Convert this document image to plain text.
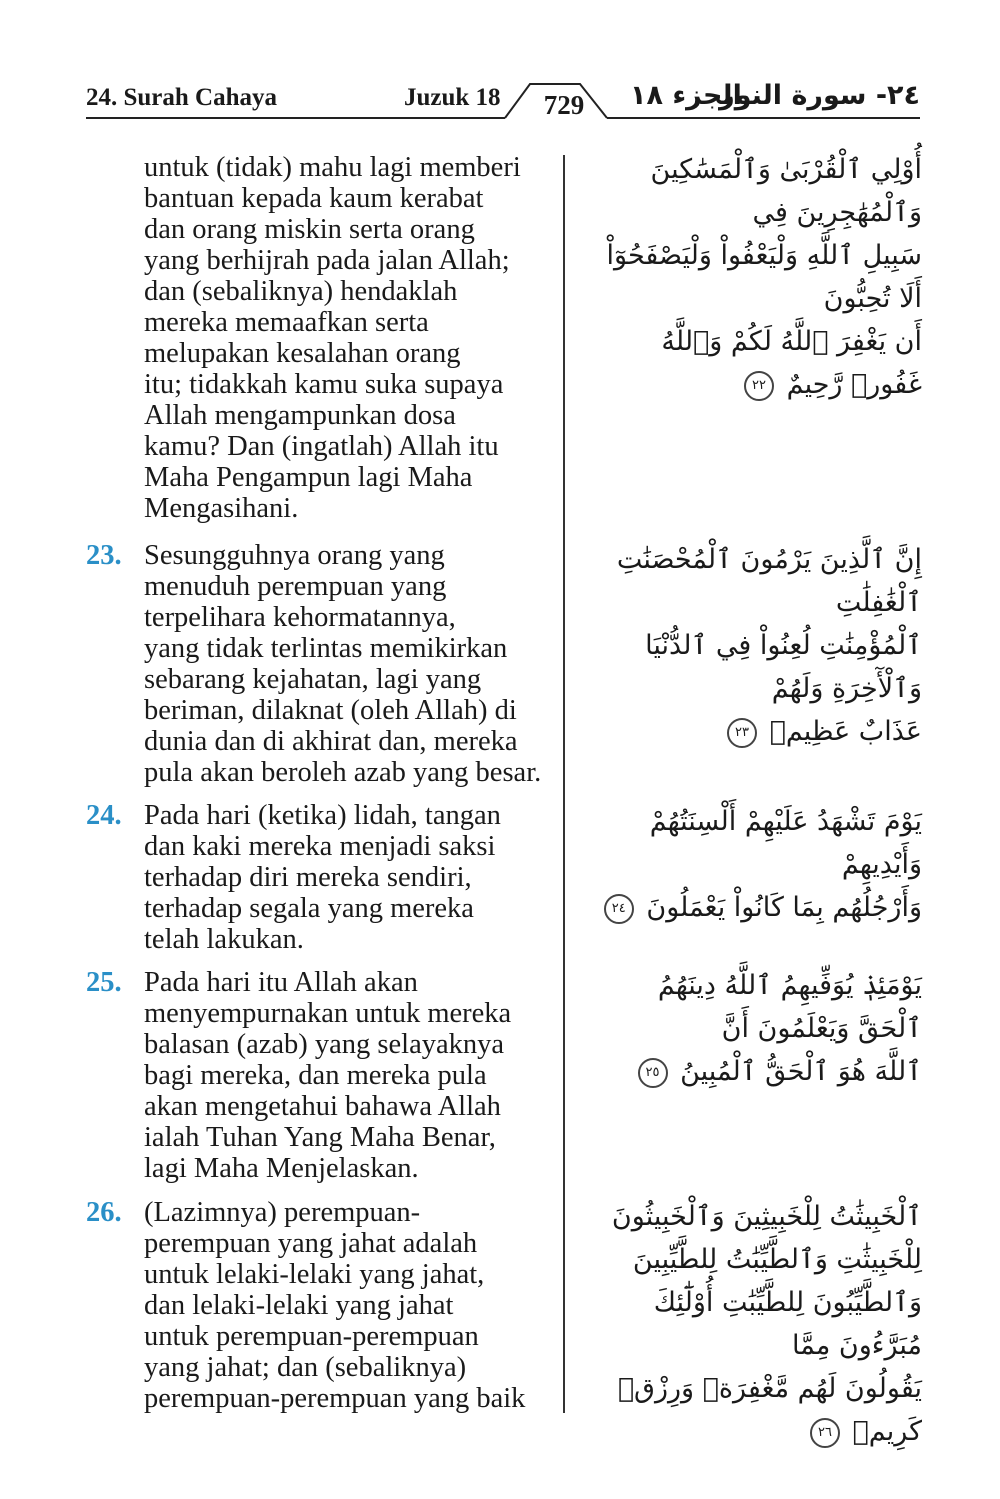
24. Surah Cahaya	Juzuk 18	729	الجزء ١٨
٢٤- سورة النور
untuk (tidak) mahu lagi memberi
bantuan kepada kaum kerabat
dan orang miskin serta orang
yang berhijrah pada jalan Allah;
dan (sebaliknya) hendaklah
mereka memaafkan serta
melupakan kesalahan orang
itu; tidakkah kamu suka supaya
Allah mengampunkan dosa
kamu? Dan (ingatlah) Allah itu
Maha Pengampun lagi Maha
Mengasihani.
23. Sesungguhnya orang yang
menuduh perempuan yang
terpelihara kehormatannya,
yang tidak terlintas memikirkan
sebarang kejahatan, lagi yang
beriman, dilaknat (oleh Allah) di
dunia dan di akhirat dan, mereka
pula akan beroleh azab yang besar.
24. Pada hari (ketika) lidah, tangan
dan kaki mereka menjadi saksi
terhadap diri mereka sendiri,
terhadap segala yang mereka
telah lakukan.
25. Pada hari itu Allah akan
menyempurnakan untuk mereka
balasan (azab) yang selayaknya
bagi mereka, dan mereka pula
akan mengetahui bahawa Allah
ialah Tuhan Yang Maha Benar,
lagi Maha Menjelaskan.
26. (Lazimnya) perempuan-
perempuan yang jahat adalah
untuk lelaki-lelaki yang jahat,
dan lelaki-lelaki yang jahat
untuk perempuan-perempuan
yang jahat; dan (sebaliknya)
perempuan-perempuan yang baik
أُوْلِي ٱلْقُرْبَىٰ وَٱلْمَسَٰكِينَ وَٱلْمُهَٰجِرِينَ فِي
سَبِيلِ ٱللَّهِ وَلْيَعْفُواْ وَلْيَصْفَحُوٓاْ أَلَا تُحِبُّونَ
أَن يَغْفِرَ ٱللَّهُ لَكُمْ وَٱللَّهُ غَفُورٞ رَّحِيمٌ ٢٢
إِنَّ ٱلَّذِينَ يَرْمُونَ ٱلْمُحْصَنَٰتِ ٱلْغَٰفِلَٰتِ
ٱلْمُؤْمِنَٰتِ لُعِنُواْ فِي ٱلدُّنْيَا وَٱلْأٓخِرَةِ وَلَهُمْ
عَذَابٌ عَظِيمٞ ٢٣
يَوْمَ تَشْهَدُ عَلَيْهِمْ أَلْسِنَتُهُمْ وَأَيْدِيهِمْ
وَأَرْجُلُهُم بِمَا كَانُواْ يَعْمَلُونَ ٢٤
يَوْمَئِذٖ يُوَفِّيهِمُ ٱللَّهُ دِينَهُمُ ٱلْحَقَّ وَيَعْلَمُونَ أَنَّ
ٱللَّهَ هُوَ ٱلْحَقُّ ٱلْمُبِينُ ٢٥
ٱلْخَبِيثَٰتُ لِلْخَبِيثِينَ وَٱلْخَبِيثُونَ
لِلْخَبِيثَٰتِ وَٱلطَّيِّبَٰتُ لِلطَّيِّبِينَ
وَٱلطَّيِّبُونَ لِلطَّيِّبَٰتِ أُوْلَٰٓئِكَ مُبَرَّءُونَ مِمَّا
يَقُولُونَ لَهُم مَّغْفِرَةٞ وَرِزْقٞ كَرِيمٞ ٢٦
